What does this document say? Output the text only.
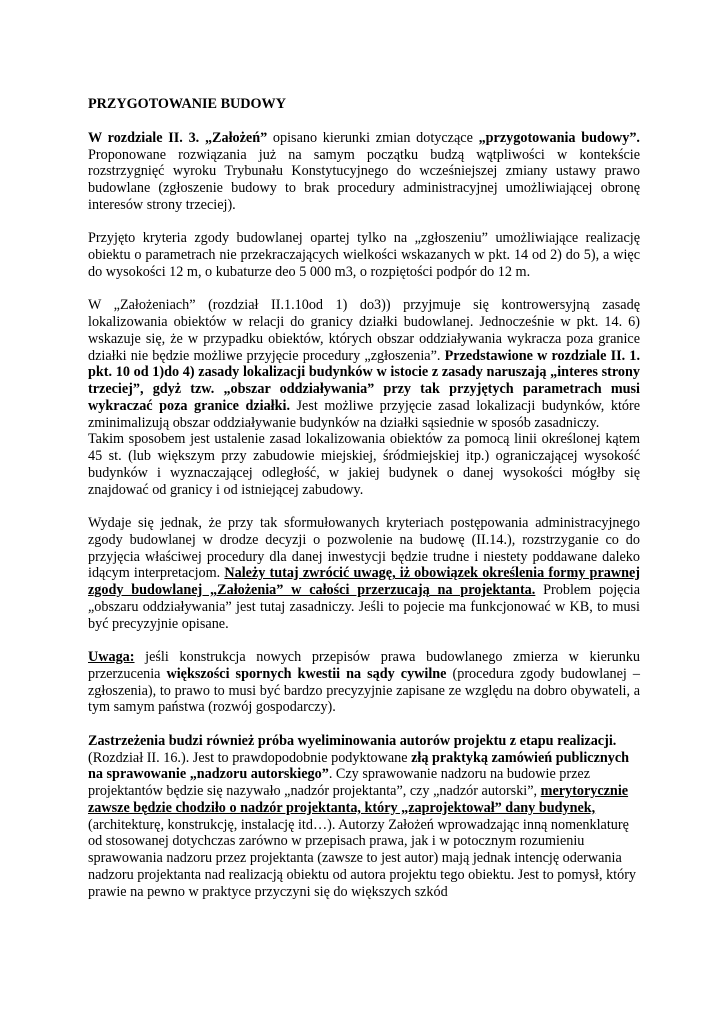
PRZYGOTOWANIE BUDOWY

W rozdziale II. 3. „Założeń” opisano kierunki zmian dotyczące „przygotowania budowy”. Proponowane rozwiązania już na samym początku budzą wątpliwości w kontekście rozstrzygnięć wyroku Trybunału Konstytucyjnego do wcześniejszej zmiany ustawy prawo budowlane (zgłoszenie budowy to brak procedury administracyjnej umożliwiającej obronę interesów strony trzeciej).

Przyjęto kryteria zgody budowlanej opartej tylko na „zgłoszeniu” umożliwiające realizację obiektu o parametrach nie przekraczających wielkości wskazanych w pkt. 14 od 2) do 5), a więc do wysokości 12 m, o kubaturze deo 5 000 m3, o rozpiętości podpór do 12 m.

W „Założeniach” (rozdział II.1.10od 1) do3)) przyjmuje się kontrowersyjną zasadę lokalizowania obiektów w relacji do granicy działki budowlanej. Jednocześnie w pkt. 14. 6) wskazuje się, że w przypadku obiektów, których obszar oddziaływania wykracza poza granice działki nie będzie możliwe przyjęcie procedury „zgłoszenia”. Przedstawione w rozdziale II. 1. pkt. 10 od 1)do 4) zasady lokalizacji budynków w istocie z zasady naruszają „interes strony trzeciej”, gdyż tzw. „obszar oddziaływania” przy tak przyjętych parametrach musi wykraczać poza granice działki. Jest możliwe przyjęcie zasad lokalizacji budynków, które zminimalizują obszar oddziaływanie budynków na działki sąsiednie w sposób zasadniczy.

Takim sposobem jest ustalenie zasad lokalizowania obiektów za pomocą linii określonej kątem 45 st. (lub większym przy zabudowie miejskiej, śródmiejskiej itp.) ograniczającej wysokość budynków i wyznaczającej odległość, w jakiej budynek o danej wysokości mógłby się znajdować od granicy i od istniejącej zabudowy.

Wydaje się jednak, że przy tak sformułowanych kryteriach postępowania administracyjnego zgody budowlanej w drodze decyzji o pozwolenie na budowę (II.14.), rozstrzyganie co do przyjęcia właściwej procedury dla danej inwestycji będzie trudne i niestety poddawane daleko idącym interpretacjom. Należy tutaj zwrócić uwagę, iż obowiązek określenia formy prawnej zgody budowlanej „Założenia” w całości przerzucają na projektanta. Problem pojęcia „obszaru oddziaływania” jest tutaj zasadniczy. Jeśli to pojecie ma funkcjonować w KB, to musi być precyzyjnie opisane.

Uwaga: jeśli konstrukcja nowych przepisów prawa budowlanego zmierza w kierunku przerzucenia większości spornych kwestii na sądy cywilne (procedura zgody budowlanej – zgłoszenia), to prawo to musi być bardzo precyzyjnie zapisane ze względu na dobro obywateli, a tym samym państwa (rozwój gospodarczy).

Zastrzeżenia budzi również próba wyeliminowania autorów projektu z etapu realizacji. (Rozdział II. 16.). Jest to prawdopodobnie podyktowane złą praktyką zamówień publicznych na sprawowanie „nadzoru autorskiego”. Czy sprawowanie nadzoru na budowie przez projektantów będzie się nazywało „nadzór projektanta”, czy „nadzór autorski”, merytorycznie zawsze będzie chodziło o nadzór projektanta, który „zaprojektował” dany budynek, (architekturę, konstrukcję, instalację itd…). Autorzy Założeń wprowadzając inną nomenklaturę od stosowanej dotychczas zarówno w przepisach prawa, jak i w potocznym rozumieniu sprawowania nadzoru przez projektanta (zawsze to jest autor) mają jednak intencję oderwania nadzoru projektanta nad realizacją obiektu od autora projektu tego obiektu. Jest to pomysł, który prawie na pewno w praktyce przyczyni się do większych szkód
